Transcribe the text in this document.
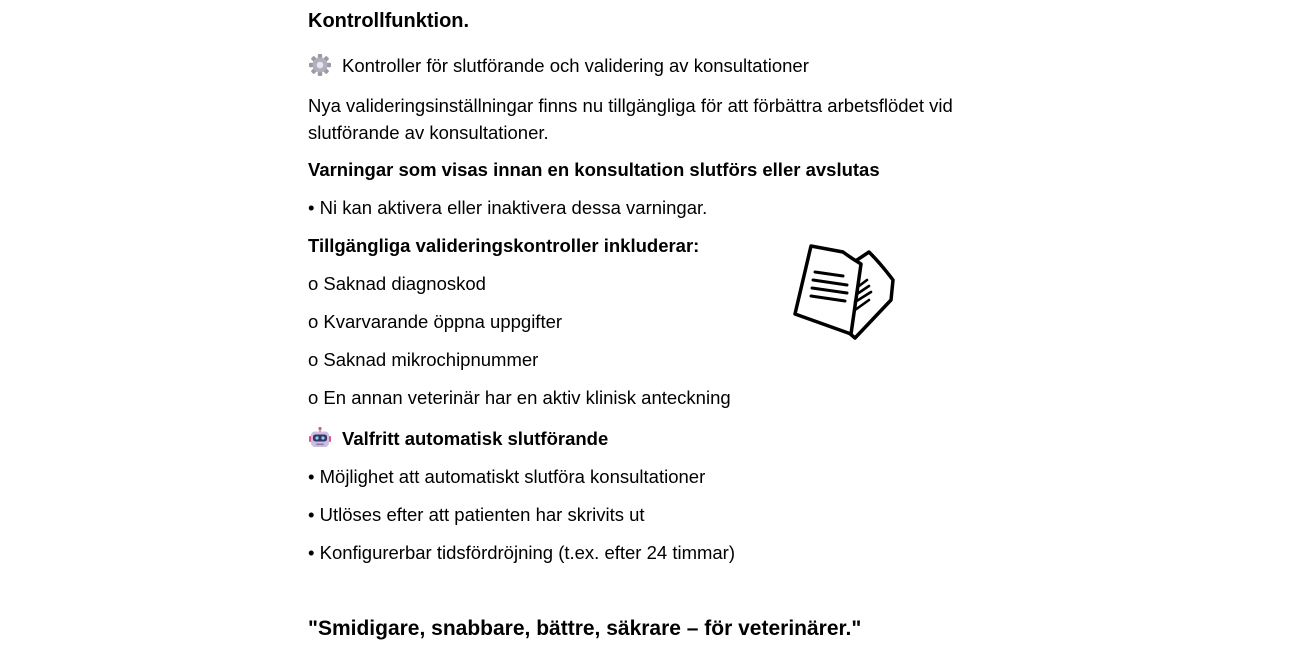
Kontrollfunktion.
Kontroller för slutförande och validering av konsultationer
Nya valideringsinställningar finns nu tillgängliga för att förbättra arbetsflödet vid slutförande av konsultationer.
Varningar som visas innan en konsultation slutförs eller avslutas
• Ni kan aktivera eller inaktivera dessa varningar.
Tillgängliga valideringskontroller inkluderar:
o Saknad diagnoskod
o Kvarvarande öppna uppgifter
o Saknad mikrochipnummer
o En annan veterinär har en aktiv klinisk anteckning
Valfritt automatisk slutförande
• Möjlighet att automatiskt slutföra konsultationer
• Utlöses efter att patienten har skrivits ut
• Konfigurerbar tidsfördröjning (t.ex. efter 24 timmar)
"Smidigare, snabbare, bättre, säkrare – för veterinärer."
